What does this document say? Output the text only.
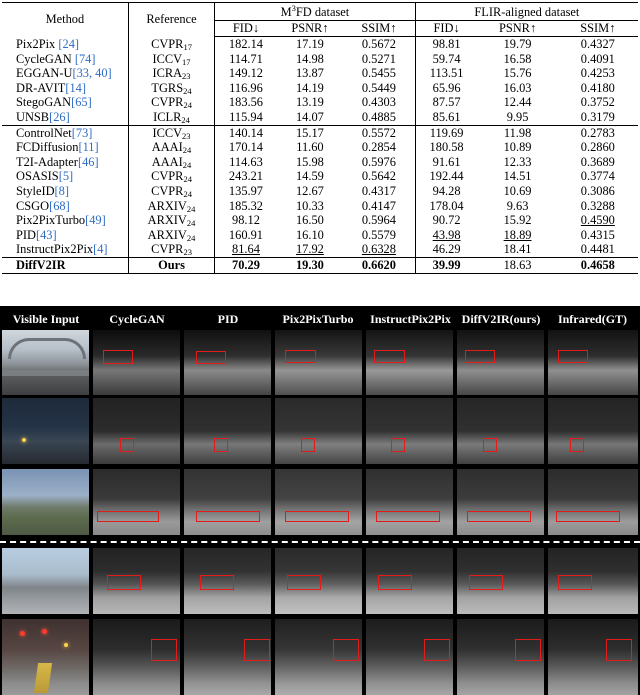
Method	Reference	$M^3FD$ dataset			FLIR-aligned dataset		
		FID↓	PSNR↑	SSIM↑	FID↓	PSNR↑	SSIM↑
Pix2Pix [24]	$CVPR_{17}$	182.14	17.19	0.5672	98.81	19.79	0.4327
CycleGAN [74]	$ICCV_{17}$	114.71	14.98	0.5271	59.74	16.58	0.4091
EGGAN-U[33, 40]	$ICRA_{23}$	149.12	13.87	0.5455	113.51	15.76	0.4253
DR-AVIT[14]	$TGRS_{24}$	116.96	14.19	0.5449	65.96	16.03	0.4180
StegoGAN[65]	$CVPR_{24}$	183.56	13.19	0.4303	87.57	12.44	0.3752
UNSB[26]	$ICLR_{24}$	115.94	14.07	0.4885	85.61	9.95	0.3179
ControlNet[73]	$ICCV_{23}$	140.14	15.17	0.5572	119.69	11.98	0.2783
FCDiffusion[11]	$AAAI_{24}$	170.14	11.60	0.2854	180.58	10.89	0.2860
T2I-Adapter[46]	$AAAI_{24}$	114.63	15.98	0.5976	91.61	12.33	0.3689
OSASIS[5]	$CVPR_{24}$	243.21	14.59	0.5642	192.44	14.51	0.3774
StyleID[8]	$CVPR_{24}$	135.97	12.67	0.4317	94.28	10.69	0.3086
CSGO[68]	$ARXIV_{24}$	185.32	10.33	0.4147	178.04	9.63	0.3288
Pix2PixTurbo[49]	$ARXIV_{24}$	98.12	16.50	0.5964	90.72	15.92	0.4590
PID[43]	$ARXIV_{24}$	160.91	16.10	0.5579	43.98	18.89	0.4315
InstructPix2Pix[4]	$CVPR_{23}$	81.64	17.92	0.6328	46.29	18.41	0.4481
DiffV2IR	Ours	70.29	19.30	0.6620	39.99	18.63	0.4658
Visible Input	CycleGAN	PID	Pix2PixTurbo	InstructPix2Pix DiffV2IR(ours)	Infrared(GT)
